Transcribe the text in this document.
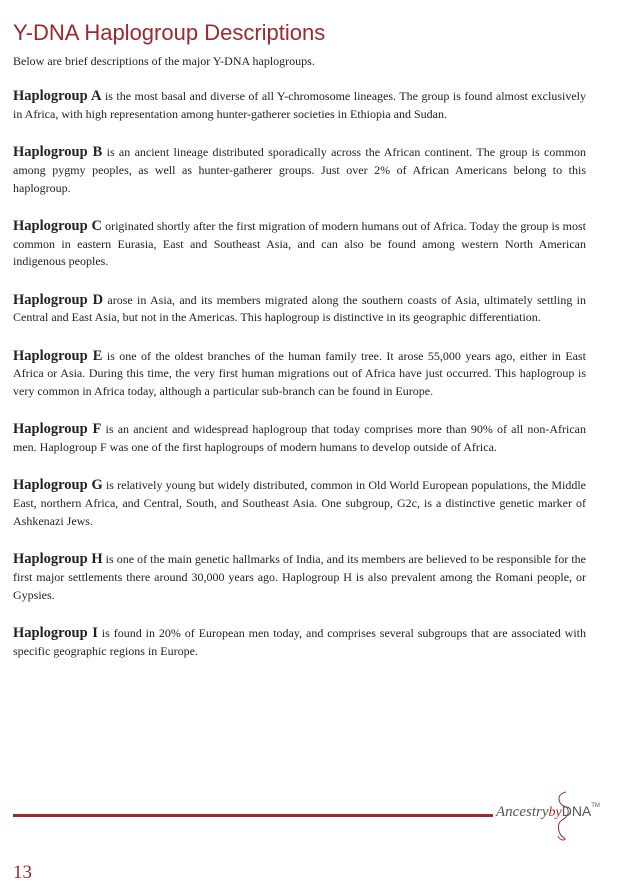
Y-DNA Haplogroup Descriptions

Below are brief descriptions of the major Y-DNA haplogroups.

Haplogroup A is the most basal and diverse of all Y-chromosome lineages. The group is found almost exclusively in Africa, with high representation among hunter-gatherer societies in Ethiopia and Sudan.

Haplogroup B is an ancient lineage distributed sporadically across the African continent. The group is common among pygmy peoples, as well as hunter-gatherer groups. Just over 2% of African Americans belong to this haplogroup.

Haplogroup C originated shortly after the first migration of modern humans out of Africa. Today the group is most common in eastern Eurasia, East and Southeast Asia, and can also be found among western North American indigenous peoples.

Haplogroup D arose in Asia, and its members migrated along the southern coasts of Asia, ultimately settling in Central and East Asia, but not in the Americas. This haplogroup is distinctive in its geographic differentiation.

Haplogroup E is one of the oldest branches of the human family tree. It arose 55,000 years ago, either in East Africa or Asia. During this time, the very first human migrations out of Africa have just occurred. This haplogroup is very common in Africa today, although a particular sub-branch can be found in Europe.

Haplogroup F is an ancient and widespread haplogroup that today comprises more than 90% of all non-African men. Haplogroup F was one of the first haplogroups of modern humans to develop outside of Africa.

Haplogroup G is relatively young but widely distributed, common in Old World European populations, the Middle East, northern Africa, and Central, South, and Southeast Asia. One subgroup, G2c, is a distinctive genetic marker of Ashkenazi Jews.

Haplogroup H is one of the main genetic hallmarks of India, and its members are believed to be responsible for the first major settlements there around 30,000 years ago. Haplogroup H is also prevalent among the Romani people, or Gypsies.

Haplogroup I is found in 20% of European men today, and comprises several subgroups that are associated with specific geographic regions in Europe.

AncestrybyDNA™
13
